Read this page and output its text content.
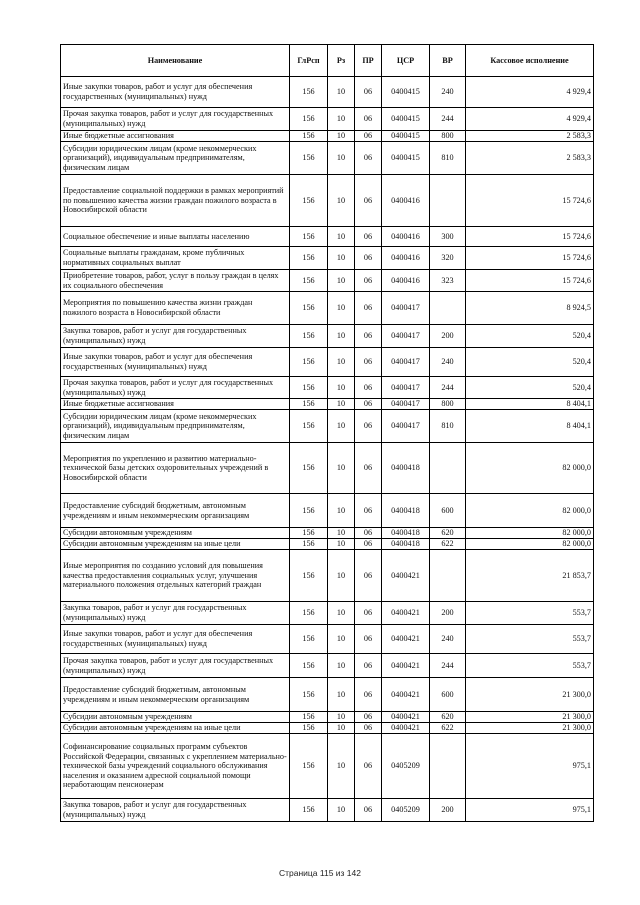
Наименование	ГлРсп	Рз	ПР	ЦСР	ВР	Кассовое исполнение
Иные закупки товаров, работ и услуг для обеспечения государственных (муниципальных) нужд	156	10	06	0400415	240	4 929,4
Прочая закупка товаров, работ и услуг для государственных (муниципальных) нужд	156	10	06	0400415	244	4 929,4
Иные бюджетные ассигнования	156	10	06	0400415	800	2 583,3
Субсидии юридическим лицам (кроме некоммерческих организаций), индивидуальным предпринимателям, физическим лицам	156	10	06	0400415	810	2 583,3
Предоставление социальной поддержки в рамках мероприятий по повышению качества жизни граждан пожилого возраста в Новосибирской области	156	10	06	0400416		15 724,6
Социальное обеспечение и иные выплаты населению	156	10	06	0400416	300	15 724,6
Социальные выплаты гражданам, кроме публичных нормативных социальных выплат	156	10	06	0400416	320	15 724,6
Приобретение товаров, работ, услуг в пользу граждан в целях их социального обеспечения	156	10	06	0400416	323	15 724,6
Мероприятия по повышению качества жизни граждан пожилого возраста в Новосибирской области	156	10	06	0400417		8 924,5
Закупка товаров, работ и услуг для государственных (муниципальных) нужд	156	10	06	0400417	200	520,4
Иные закупки товаров, работ и услуг для обеспечения государственных (муниципальных) нужд	156	10	06	0400417	240	520,4
Прочая закупка товаров, работ и услуг для государственных (муниципальных) нужд	156	10	06	0400417	244	520,4
Иные бюджетные ассигнования	156	10	06	0400417	800	8 404,1
Субсидии юридическим лицам (кроме некоммерческих организаций), индивидуальным предпринимателям, физическим лицам	156	10	06	0400417	810	8 404,1
Мероприятия по укреплению и развитию материально-технической базы детских оздоровительных учреждений в Новосибирской области	156	10	06	0400418		82 000,0
Предоставление субсидий бюджетным, автономным учреждениям и иным некоммерческим организациям	156	10	06	0400418	600	82 000,0
Субсидии автономным учреждениям	156	10	06	0400418	620	82 000,0
Субсидии автономным учреждениям на иные цели	156	10	06	0400418	622	82 000,0
Иные мероприятия по созданию условий для повышения качества предоставления социальных услуг, улучшения материального положения отдельных категорий граждан	156	10	06	0400421		21 853,7
Закупка товаров, работ и услуг для государственных (муниципальных) нужд	156	10	06	0400421	200	553,7
Иные закупки товаров, работ и услуг для обеспечения государственных (муниципальных) нужд	156	10	06	0400421	240	553,7
Прочая закупка товаров, работ и услуг для государственных (муниципальных) нужд	156	10	06	0400421	244	553,7
Предоставление субсидий бюджетным, автономным учреждениям и иным некоммерческим организациям	156	10	06	0400421	600	21 300,0
Субсидии автономным учреждениям	156	10	06	0400421	620	21 300,0
Субсидии автономным учреждениям на иные цели	156	10	06	0400421	622	21 300,0
Софинансирование социальных программ субъектов Российской Федерации, связанных с укреплением материально-технической базы учреждений социального обслуживания населения и оказанием адресной социальной помощи неработающим пенсионерам	156	10	06	0405209		975,1
Закупка товаров, работ и услуг для государственных (муниципальных) нужд	156	10	06	0405209	200	975,1
Страница 115 из 142
